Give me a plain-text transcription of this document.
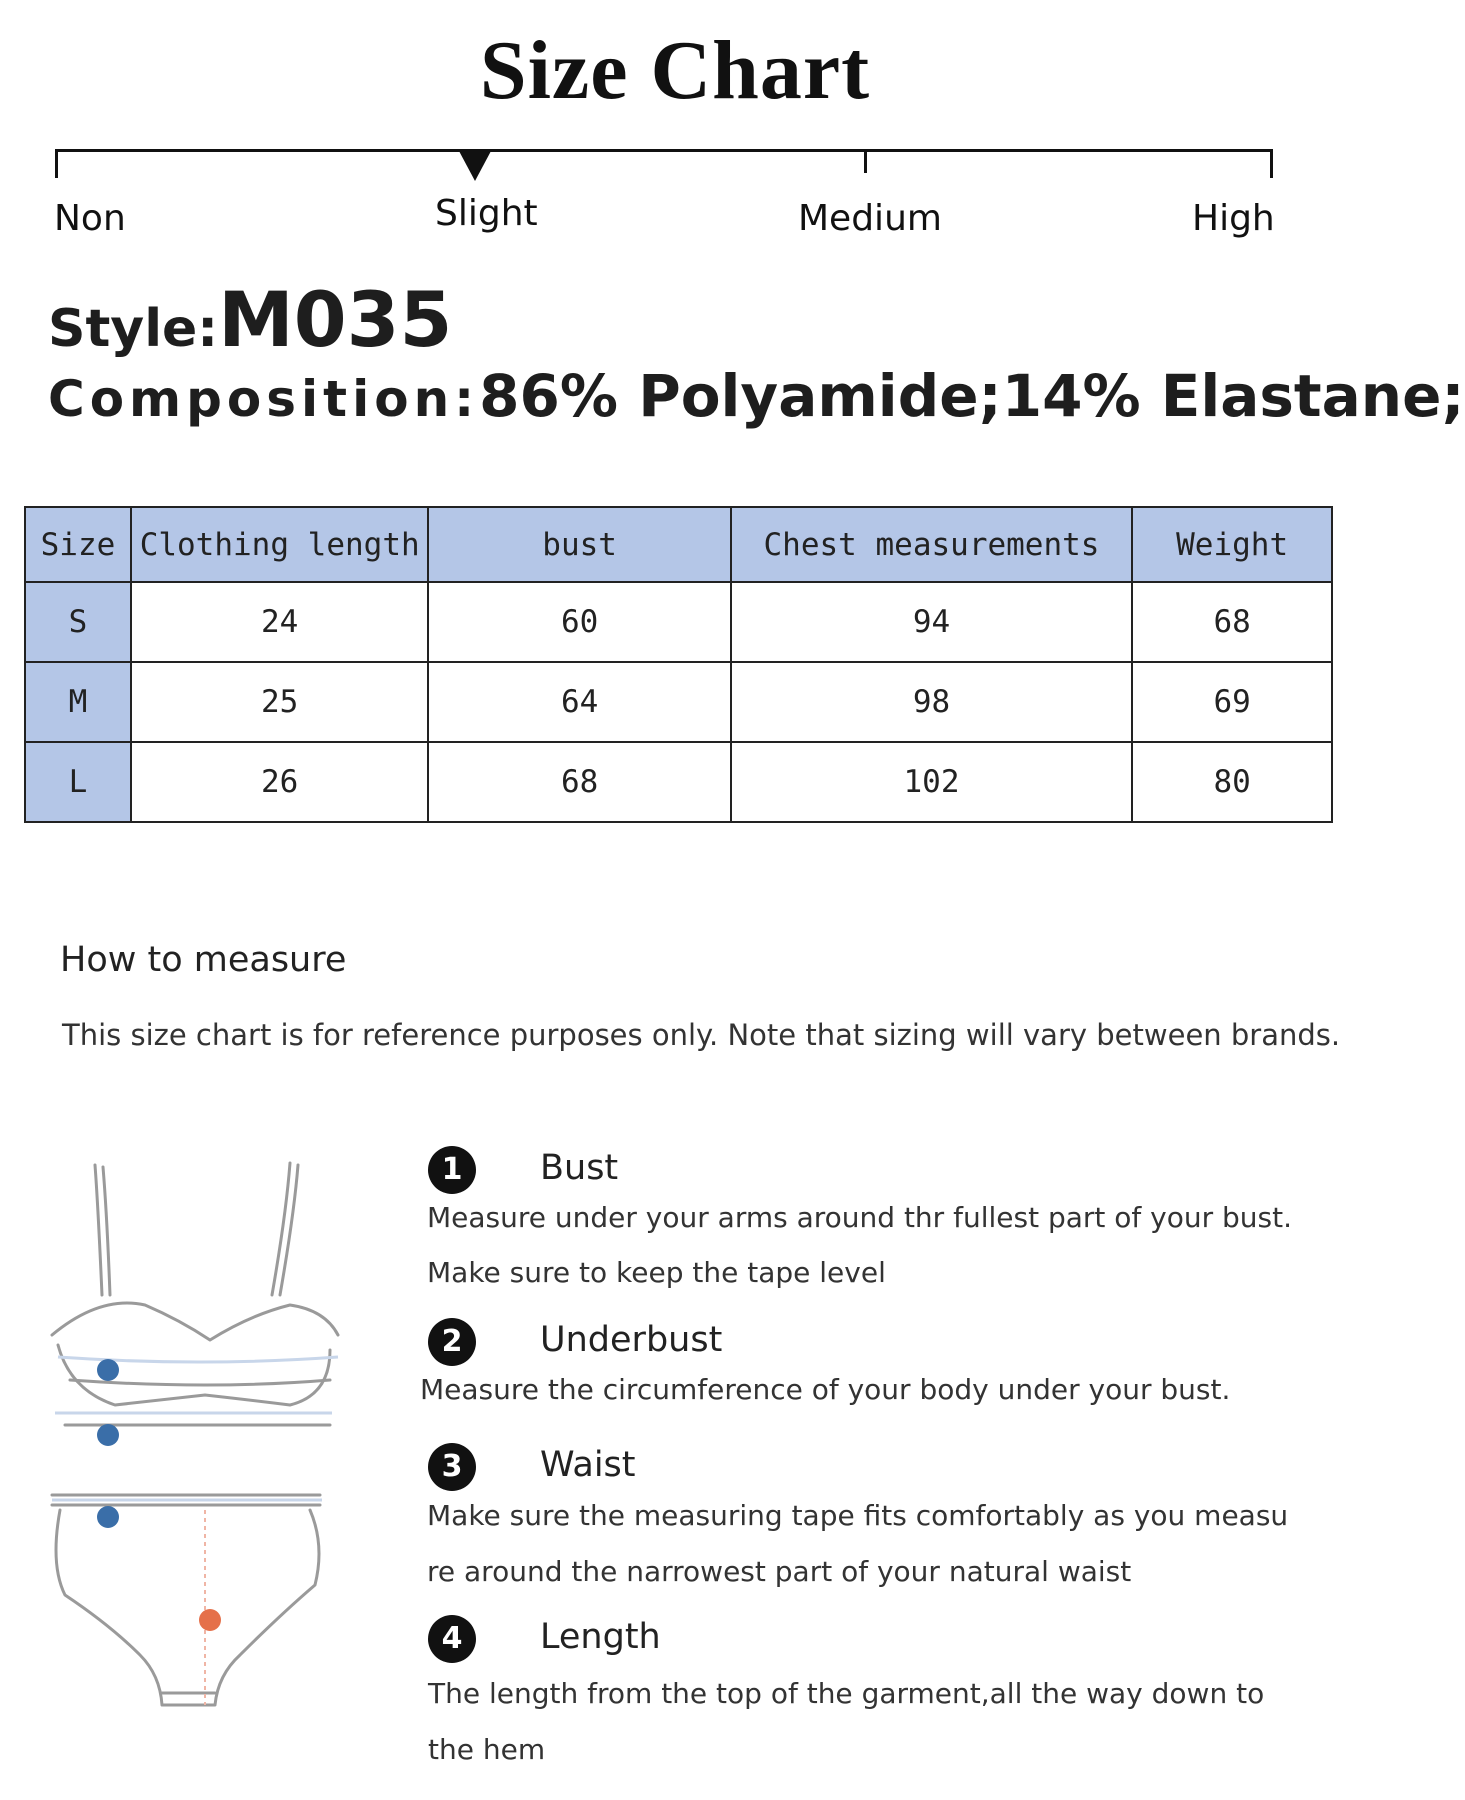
Size Chart
Non	Slight	Medium	High
Style:M035
Composition:86% Polyamide;14% Elastane;
Size	Clothing length	bust	Chest measurements	Weight
S	24	60	94	68
M	25	64	98	69
L	26	68	102	80
How to measure
This size chart is for reference purposes only. Note that sizing will vary between brands.
1	Bust
Measure under your arms around thr fullest part of your bust.
Make sure to keep the tape level
2	Underbust
Measure the circumference of your body under your bust.
3	Waist
Make sure the measuring tape fits comfortably as you measu
re around the narrowest part of your natural waist
4	Length
The length from the top of the garment,all the way down to
the hem
